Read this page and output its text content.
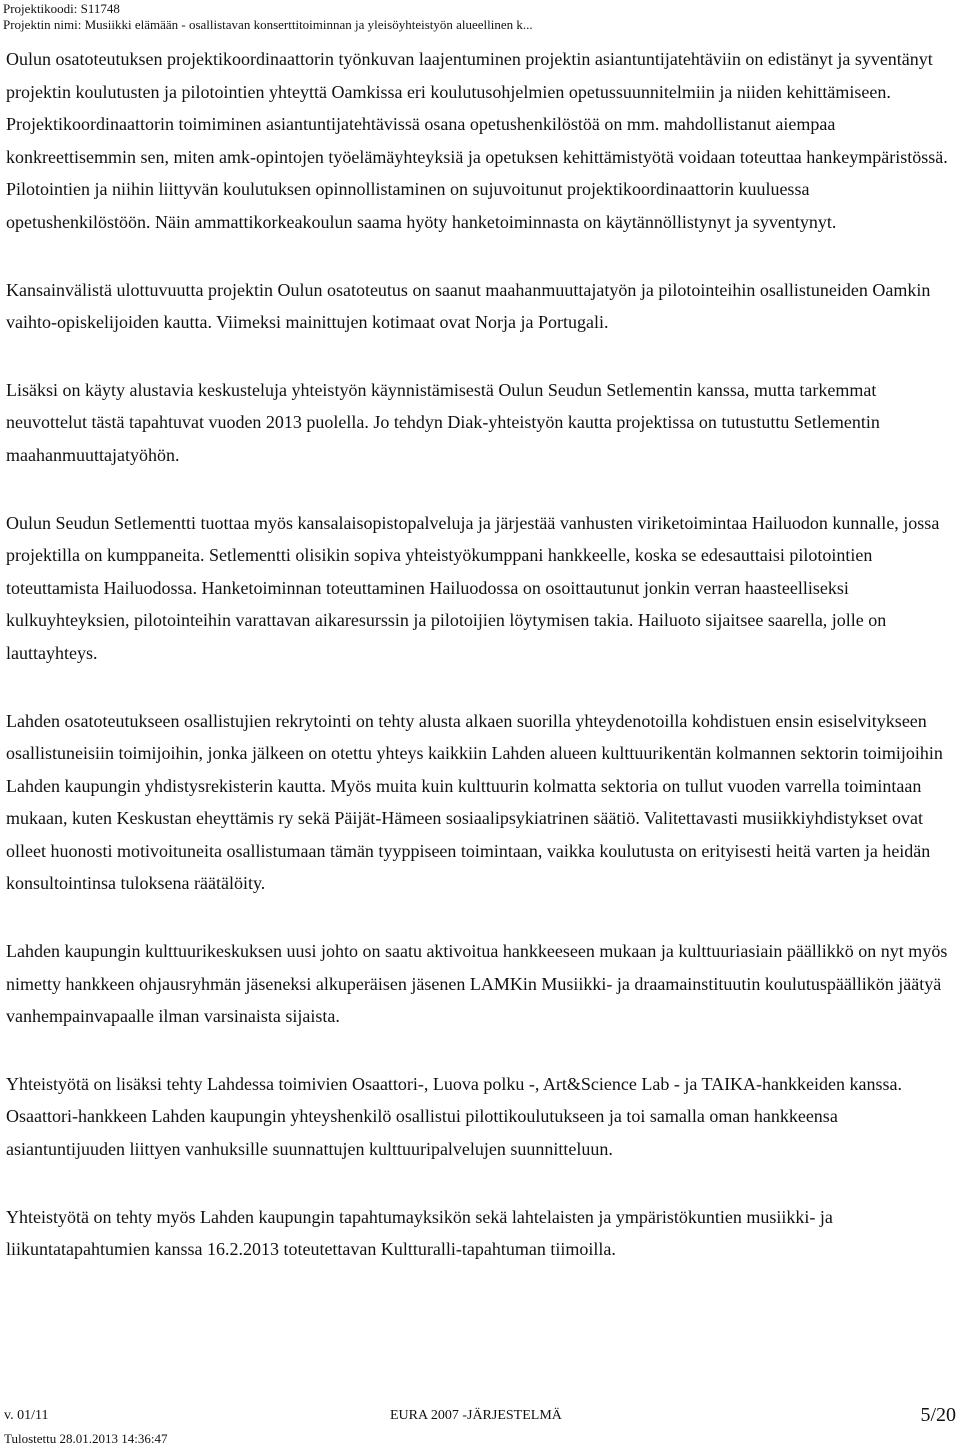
Projektikoodi: S11748
Projektin nimi: Musiikki elämään - osallistavan konserttitoiminnan ja yleisöyhteistyön alueellinen k...

Oulun osatoteutuksen projektikoordinaattorin työnkuvan laajentuminen projektin asiantuntijatehtäviin on edistänyt ja syventänyt projektin koulutusten ja pilotointien yhteyttä Oamkissa eri koulutusohjelmien opetussuunnitelmiin ja niiden kehittämiseen. Projektikoordinaattorin toimiminen asiantuntijatehtävissä osana opetushenkilöstöä on mm. mahdollistanut aiempaa konkreettisemmin sen, miten amk-opintojen työelämäyhteyksiä ja opetuksen kehittämistyötä voidaan toteuttaa hankeympäristössä. Pilotointien ja niihin liittyvän koulutuksen opinnollistaminen on sujuvoitunut projektikoordinaattorin kuuluessa opetushenkilöstöön. Näin ammattikorkeakoulun saama hyöty hanketoiminnasta on käytännöllistynyt ja syventynyt.

Kansainvälistä ulottuvuutta projektin Oulun osatoteutus on saanut maahanmuuttajatyön ja pilotointeihin osallistuneiden Oamkin vaihto-opiskelijoiden kautta. Viimeksi mainittujen kotimaat ovat Norja ja Portugali.

Lisäksi on käyty alustavia keskusteluja yhteistyön käynnistämisestä Oulun Seudun Setlementin kanssa, mutta tarkemmat neuvottelut tästä tapahtuvat vuoden 2013 puolella. Jo tehdyn Diak-yhteistyön kautta projektissa on tutustuttu Setlementin maahanmuuttajatyöhön.

Oulun Seudun Setlementti tuottaa myös kansalaisopistopalveluja ja järjestää vanhusten viriketoimintaa Hailuodon kunnalle, jossa projektilla on kumppaneita. Setlementti olisikin sopiva yhteistyökumppani hankkeelle, koska se edesauttaisi pilotointien toteuttamista Hailuodossa. Hanketoiminnan toteuttaminen Hailuodossa on osoittautunut jonkin verran haasteelliseksi kulkuyhteyksien, pilotointeihin varattavan aikaresurssin ja pilotoijien löytymisen takia. Hailuoto sijaitsee saarella, jolle on lauttayhteys.

Lahden osatoteutukseen osallistujien rekrytointi on tehty alusta alkaen suorilla yhteydenotoilla kohdistuen ensin esiselvitykseen osallistuneisiin toimijoihin, jonka jälkeen on otettu yhteys kaikkiin Lahden alueen kulttuurikentän kolmannen sektorin toimijoihin Lahden kaupungin yhdistysrekisterin kautta. Myös muita kuin kulttuurin kolmatta sektoria on tullut vuoden varrella toimintaan mukaan, kuten Keskustan eheyttämis ry sekä Päijät-Hämeen sosiaalipsykiatrinen säätiö. Valitettavasti musiikkiyhdistykset ovat olleet huonosti motivoituneita osallistumaan tämän tyyppiseen toimintaan, vaikka koulutusta on erityisesti heitä varten ja heidän konsultointinsa tuloksena räätälöity.

Lahden kaupungin kulttuurikeskuksen uusi johto on saatu aktivoitua hankkeeseen mukaan ja kulttuuriasiain päällikkö on nyt myös nimetty hankkeen ohjausryhmän jäseneksi alkuperäisen jäsenen LAMKin Musiikki- ja draamainstituutin koulutuspäällikön jäätyä vanhempainvapaalle ilman varsinaista sijaista.

Yhteistyötä on lisäksi tehty Lahdessa toimivien Osaattori-, Luova polku -, Art&Science Lab - ja TAIKA-hankkeiden kanssa. Osaattori-hankkeen Lahden kaupungin yhteyshenkilö osallistui pilottikoulutukseen ja toi samalla oman hankkeensa asiantuntijuuden liittyen vanhuksille suunnattujen kulttuuripalvelujen suunnitteluun.

Yhteistyötä on tehty myös Lahden kaupungin tapahtumayksikön sekä lahtelaisten ja ympäristökuntien musiikki- ja liikuntatapahtumien kanssa 16.2.2013 toteutettavan Kultturalli-tapahtuman tiimoilla.

v. 01/11	EURA 2007 -JÄRJESTELMÄ	5/20
Tulostettu 28.01.2013 14:36:47
